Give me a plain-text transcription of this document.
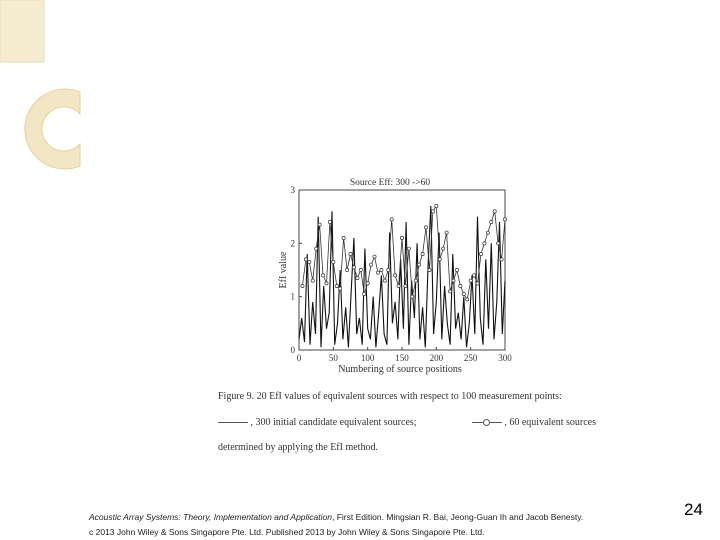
Source Eff: 300 ->60
0
1
2
3
0	50	100 150 200 250 300
Numbering of source positions
EfI value
Figure 9. 20 EfI values of equivalent sources with respect to 100 measurement points:
, 300 initial candidate equivalent sources;	, 60 equivalent sources
determined by applying the EfI method.
Acoustic Array Systems: Theory, Implementation and Application, First Edition. Mingsian R. Bai, Jeong-Guan Ih and Jacob Benesty.
c 2013 John Wiley & Sons Singapore Pte. Ltd. Published 2013 by John Wiley & Sons Singapore Pte. Ltd.
24
